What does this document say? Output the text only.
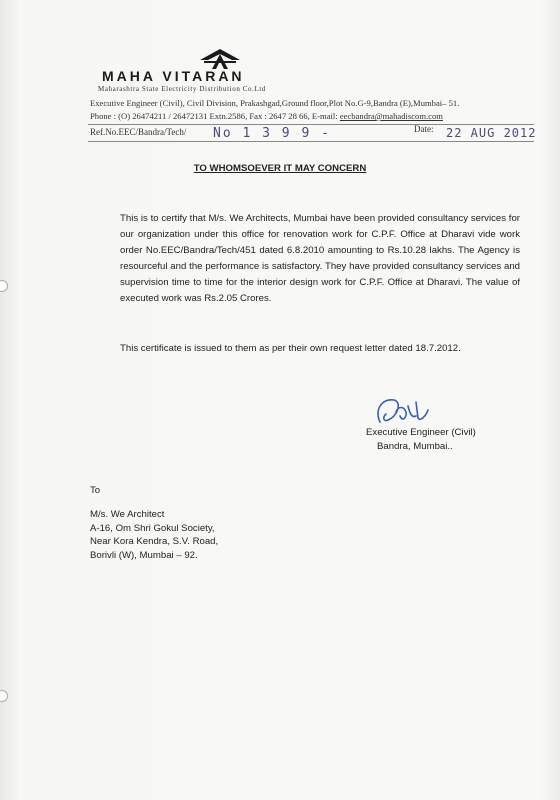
MAHA VITARAN
Maharashtra State Electricity Distribution Co.Ltd
Executive Engineer (Civil), Civil Division, Prakashgad,Ground floor,Plot No.G-9,Bandra (E),Mumbai– 51.
Phone : (O) 26474211 / 26472131 Extn.2586, Fax : 2647 28 66, E-mail: eecbandra@mahadiscom.com
Ref.No.EEC/Bandra/Tech/ No 1 3 9 9 -	Date: 22 AUG 2012
TO WHOMSOEVER IT MAY CONCERN
This is to certify that M/s. We Architects, Mumbai have been provided consultancy services for our organization under this office for renovation work for C.P.F. Office at Dharavi vide work order No.EEC/Bandra/Tech/451 dated 6.8.2010 amounting to Rs.10.28 lakhs. The Agency is resourceful and the performance is satisfactory. They have provided consultancy services and supervision time to time for the interior design work for C.P.F. Office at Dharavi. The value of executed work was Rs.2.05 Crores.
This certificate is issued to them as per their own request letter dated 18.7.2012.
Executive Engineer (Civil)
Bandra, Mumbai..
To
M/s. We Architect
A-16, Om Shri Gokul Society,
Near Kora Kendra, S.V. Road,
Borivli (W), Mumbai – 92.
